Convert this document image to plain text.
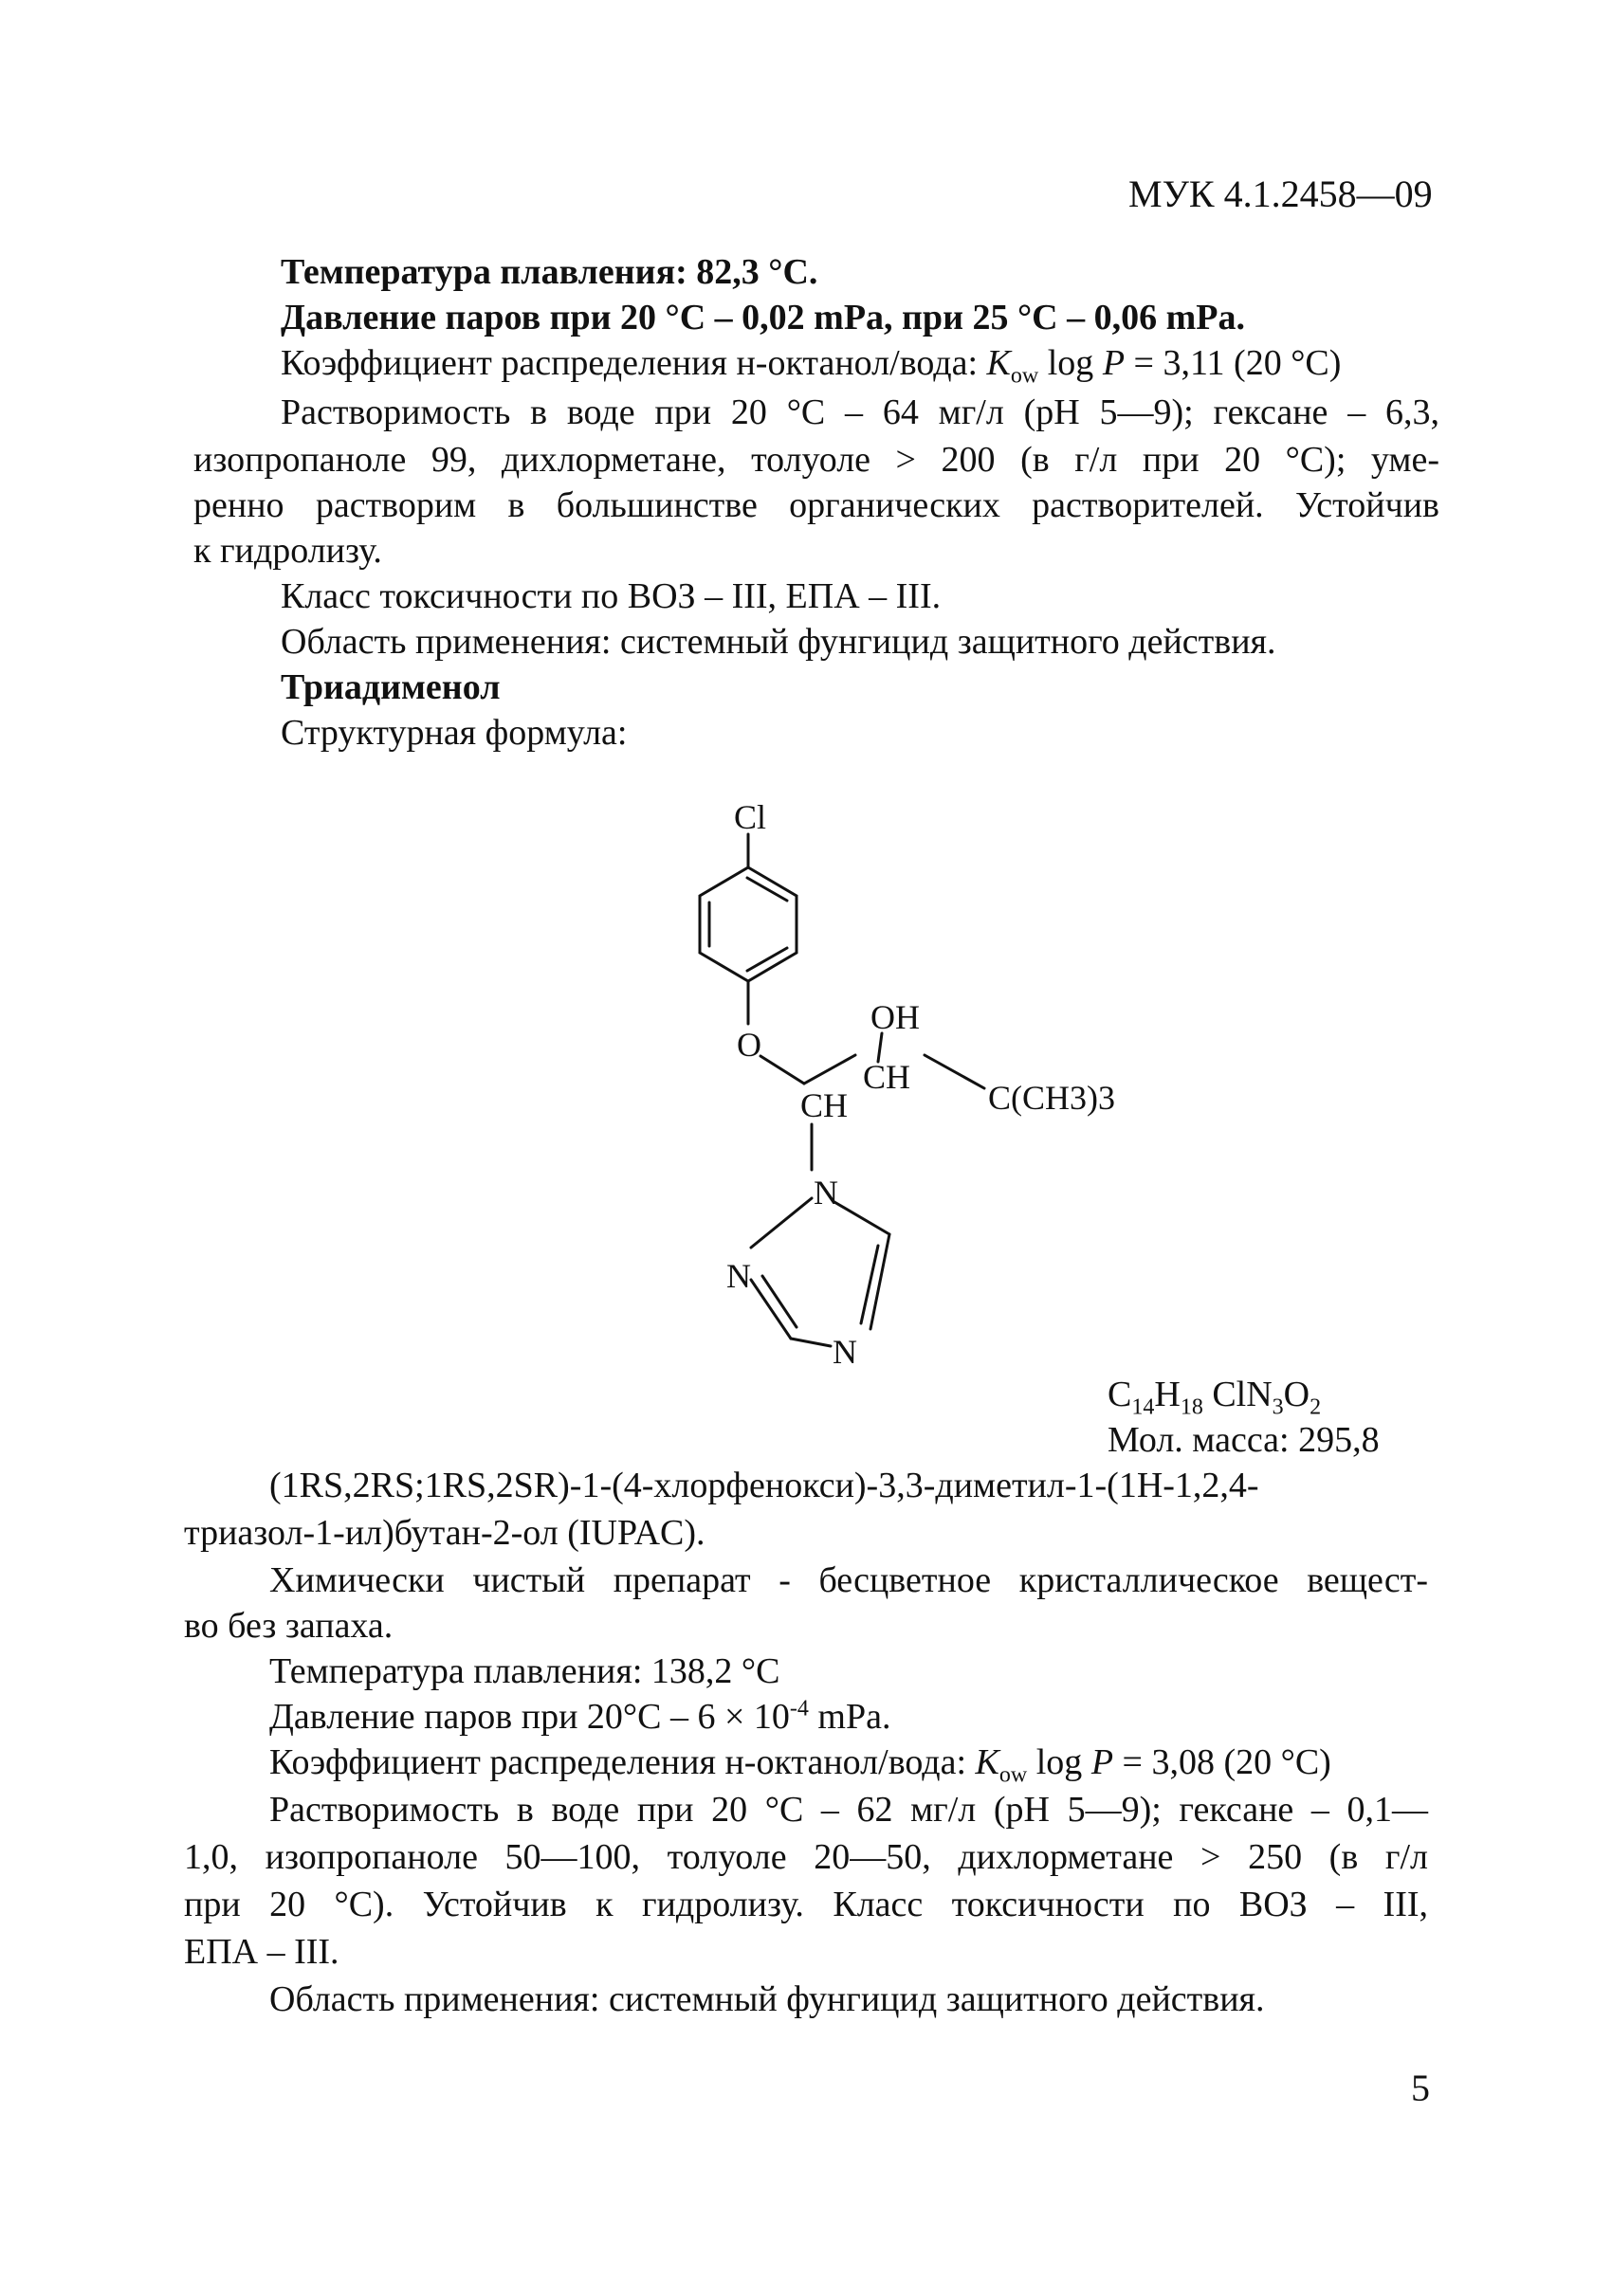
МУК 4.1.2458—09
Температура плавления: 82,3 °С.
Давление паров при 20 °С – 0,02 mPa, при 25 °С – 0,06 mPa.
Коэффициент распределения н-октанол/вода: $K_{ow}$ log P = 3,11 (20 °С)
Растворимость в воде при 20 °С – 64 мг/л (рН 5—9); гексане – 6,3,
изопропаноле 99, дихлорметане, толуоле > 200 (в г/л при 20 °С); уме-
ренно растворим в большинстве органических растворителей. Устойчив
к гидролизу.
Класс токсичности по ВОЗ – III, ЕПА – III.
Область применения: системный фунгицид защитного действия.
Триадименол
Структурная формула:
Cl
O
CH
OH
CH
C(CH3)3
N
N
N
$C_{14}H_{18}$ $ClN_3O_2$
Мол. масса: 295,8
(1RS,2RS;1RS,2SR)-1-(4-хлорфенокси)-3,3-диметил-1-(1Н-1,2,4-
триазол-1-ил)бутан-2-ол (IUPAC).
Химически чистый препарат - бесцветное кристаллическое вещест-
во без запаха.
Температура плавления: 138,2 °С
Давление паров при $20^\circ С - 6 \times 10^{-4}$ mPa.
Коэффициент распределения н-октанол/вода: $K_{ow}$ log P = 3,08 (20 °С)
Растворимость в воде при 20 °С – 62 мг/л (рН 5—9); гексане – 0,1—
1,0, изопропаноле 50—100, толуоле 20—50, дихлорметане > 250 (в г/л
при 20 °С). Устойчив к гидролизу. Класс токсичности по ВОЗ – III,
ЕПА – III.
Область применения: системный фунгицид защитного действия.
5
